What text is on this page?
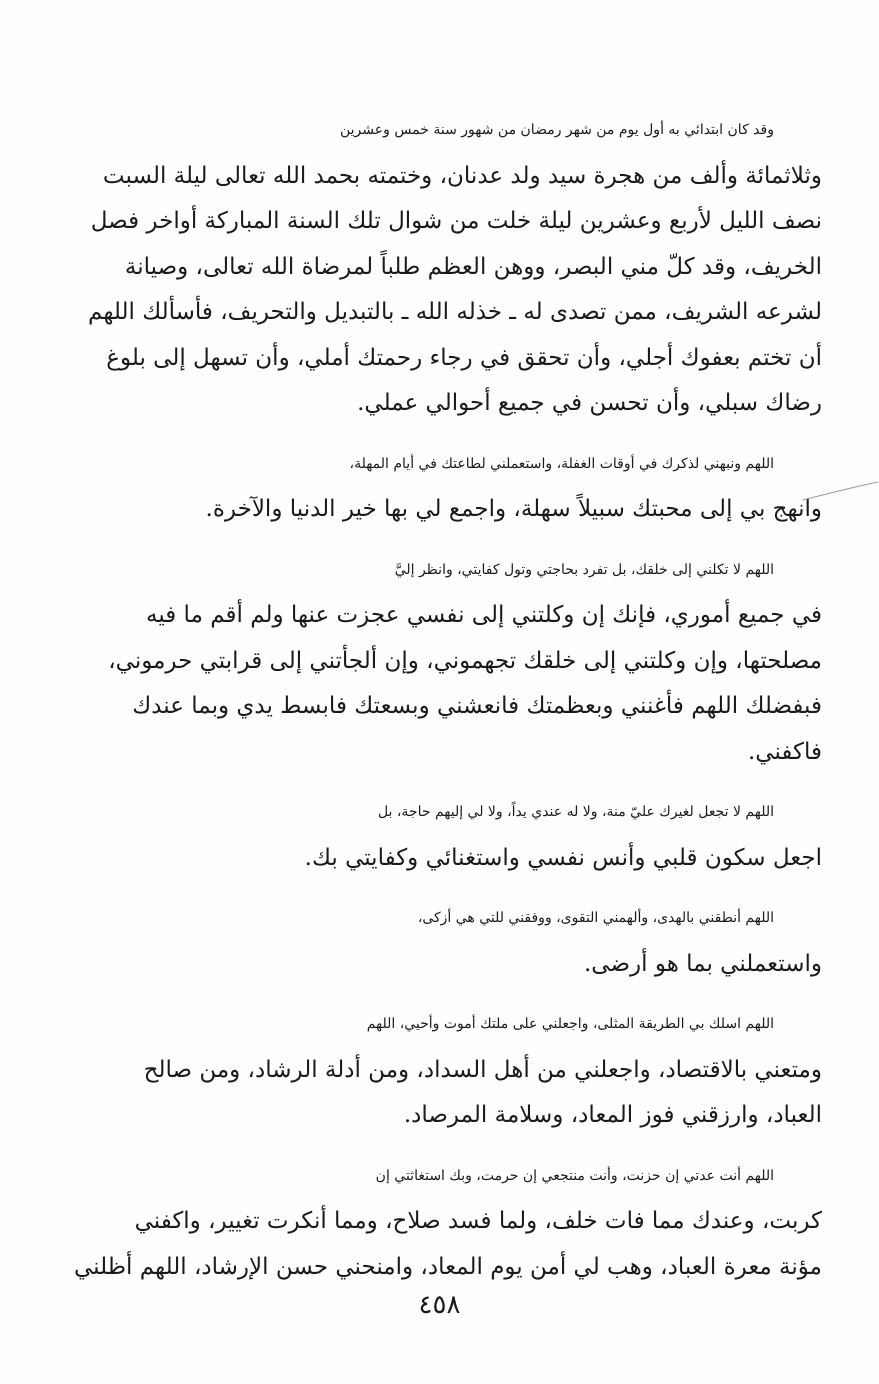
وقد كان ابتدائي به أول يوم من شهر رمضان من شهور سنة خمس وعشرين
وثلاثمائة وألف من هجرة سيد ولد عدنان، وختمته بحمد الله تعالى ليلة السبت
نصف الليل لأربع وعشرين ليلة خلت من شوال تلك السنة المباركة أواخر فصل
الخريف، وقد كلّ مني البصر، ووهن العظم طلباً لمرضاة الله تعالى، وصيانة
لشرعه الشريف، ممن تصدى له ـ خذله الله ـ بالتبديل والتحريف، فأسألك اللهم
أن تختم بعفوك أجلي، وأن تحقق في رجاء رحمتك أملي، وأن تسهل إلى بلوغ
رضاك سبلي، وأن تحسن في جميع أحوالي عملي.

اللهم ونبهني لذكرك في أوقات الغفلة، واستعملني لطاعتك في أيام المهلة،
وانهج بي إلى محبتك سبيلاً سهلة، واجمع لي بها خير الدنيا والآخرة.

اللهم لا تكلني إلى خلقك، بل تفرد بحاجتي وتول كفايتي، وانظر إليَّ
في جميع أموري، فإنك إن وكلتني إلى نفسي عجزت عنها ولم أقم ما فيه
مصلحتها، وإن وكلتني إلى خلقك تجهموني، وإن ألجأتني إلى قرابتي حرموني،
فبفضلك اللهم فأغنني وبعظمتك فانعشني وبسعتك فابسط يدي وبما عندك
فاكفني.

اللهم لا تجعل لغيرك عليّ منة، ولا له عندي يداً، ولا لي إليهم حاجة، بل
اجعل سكون قلبي وأنس نفسي واستغنائي وكفايتي بك.

اللهم أنطقني بالهدى، وألهمني التقوى، ووفقني للتي هي أزكى،
واستعملني بما هو أرضى.

اللهم اسلك بي الطريقة المثلى، واجعلني على ملتك أموت وأحيي، اللهم
ومتعني بالاقتصاد، واجعلني من أهل السداد، ومن أدلة الرشاد، ومن صالح
العباد، وارزقني فوز المعاد، وسلامة المرصاد.

اللهم أنت عدتي إن حزنت، وأنت منتجعي إن حرمت، وبك استغاثتي إن
كربت، وعندك مما فات خلف، ولما فسد صلاح، ومما أنكرت تغيير، واكفني
مؤنة معرة العباد، وهب لي أمن يوم المعاد، وامنحني حسن الإرشاد، اللهم أظلني

٤٥٨
